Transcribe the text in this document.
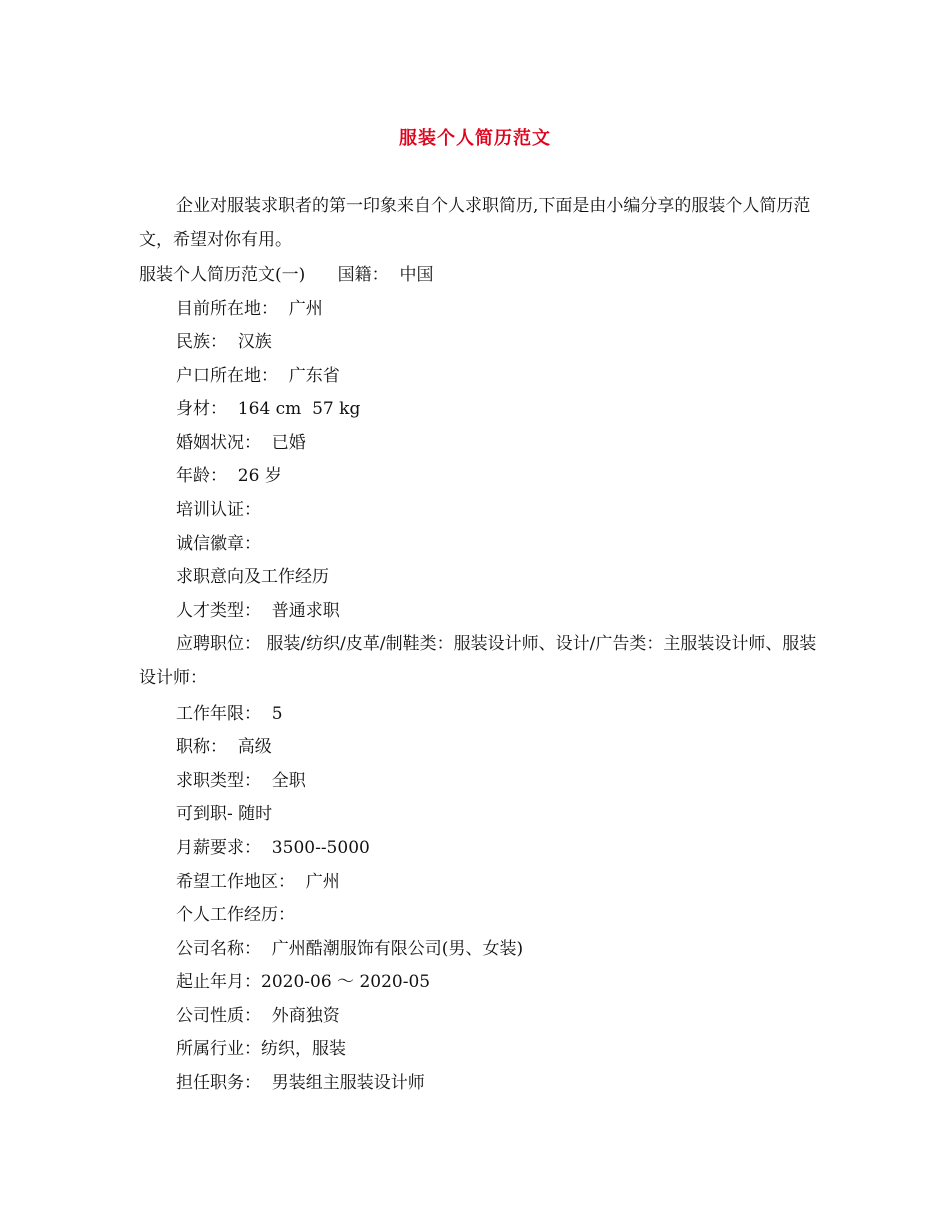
服装个人简历范文
企业对服装求职者的第一印象来自个人求职简历,下面是由小编分享的服装个人简历范文，希望对你有用。
服装个人简历范文(一)      国籍：  中国
目前所在地：  广州
民族：  汉族
户口所在地：  广东省
身材：  164 cm  57 kg
婚姻状况：  已婚
年龄：  26 岁
培训认证：
诚信徽章：
求职意向及工作经历
人才类型：  普通求职
应聘职位： 服装/纺织/皮革/制鞋类：服装设计师、设计/广告类：主服装设计师、服装设计师：
工作年限：  5
职称：  高级
求职类型：  全职
可到职- 随时
月薪要求：  3500--5000
希望工作地区：  广州
个人工作经历：
公司名称：  广州酷潮服饰有限公司(男、女装)
起止年月：2020-06 ～ 2020-05
公司性质：  外商独资
所属行业：纺织，服装
担任职务：  男装组主服装设计师
